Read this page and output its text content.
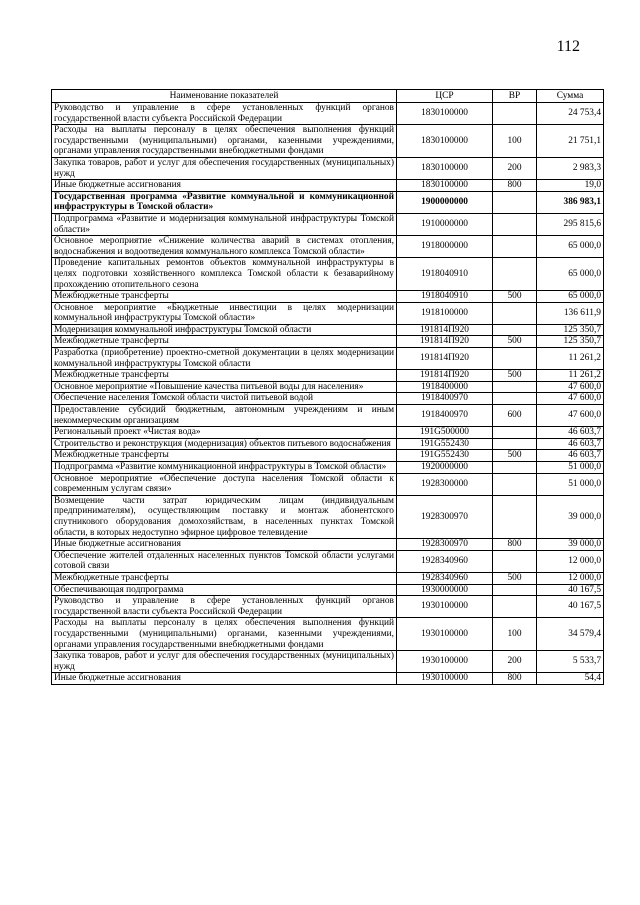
112
Наименование показателей	ЦСР	ВР	Сумма
Руководство и управление в сфере установленных функций органов государственной власти субъекта Российской Федерации	1830100000		24 753,4
Расходы на выплаты персоналу в целях обеспечения выполнения функций государственными (муниципальными) органами, казенными учреждениями, органами управления государственными внебюджетными фондами	1830100000	100	21 751,1
Закупка товаров, работ и услуг для обеспечения государственных (муниципальных) нужд	1830100000	200	2 983,3
Иные бюджетные ассигнования	1830100000	800	19,0
Государственная программа «Развитие коммунальной и коммуникационной инфраструктуры в Томской области»	1900000000		386 983,1
Подпрограмма «Развитие и модернизация коммунальной инфраструктуры Томской области»	1910000000		295 815,6
Основное мероприятие «Снижение количества аварий в системах отопления, водоснабжения и водоотведения коммунального комплекса Томской области»	1918000000		65 000,0
Проведение капитальных ремонтов объектов коммунальной инфраструктуры в целях подготовки хозяйственного комплекса Томской области к безаварийному прохождению отопительного сезона	1918040910		65 000,0
Межбюджетные трансферты	1918040910	500	65 000,0
Основное мероприятие «Бюджетные инвестиции в целях модернизации коммунальной инфраструктуры Томской области»	1918100000		136 611,9
Модернизация коммунальной инфраструктуры Томской области	191814П920		125 350,7
Межбюджетные трансферты	191814П920	500	125 350,7
Разработка (приобретение) проектно-сметной документации в целях модернизации коммунальной инфраструктуры Томской области	191814П920		11 261,2
Межбюджетные трансферты	191814П920	500	11 261,2
Основное мероприятие «Повышение качества питьевой воды для населения»	1918400000		47 600,0
Обеспечение населения Томской области чистой питьевой водой	1918400970		47 600,0
Предоставление субсидий бюджетным, автономным учреждениям и иным некоммерческим организациям	1918400970	600	47 600,0
Региональный проект «Чистая вода»	191G500000		46 603,7
Строительство и реконструкция (модернизация) объектов питьевого водоснабжения	191G552430		46 603,7
Межбюджетные трансферты	191G552430	500	46 603,7
Подпрограмма «Развитие коммуникационной инфраструктуры в Томской области»	1920000000		51 000,0
Основное мероприятие «Обеспечение доступа населения Томской области к современным услугам связи»	1928300000		51 000,0
Возмещение части затрат юридическим лицам (индивидуальным предпринимателям), осуществляющим поставку и монтаж абонентского спутникового оборудования домохозяйствам, в населенных пунктах Томской области, в которых недоступно эфирное цифровое телевидение	1928300970		39 000,0
Иные бюджетные ассигнования	1928300970	800	39 000,0
Обеспечение жителей отдаленных населенных пунктов Томской области услугами сотовой связи	1928340960		12 000,0
Межбюджетные трансферты	1928340960	500	12 000,0
Обеспечивающая подпрограмма	1930000000		40 167,5
Руководство и управление в сфере установленных функций органов государственной власти субъекта Российской Федерации	1930100000		40 167,5
Расходы на выплаты персоналу в целях обеспечения выполнения функций государственными (муниципальными) органами, казенными учреждениями, органами управления государственными внебюджетными фондами	1930100000	100	34 579,4
Закупка товаров, работ и услуг для обеспечения государственных (муниципальных) нужд	1930100000	200	5 533,7
Иные бюджетные ассигнования	1930100000	800	54,4
